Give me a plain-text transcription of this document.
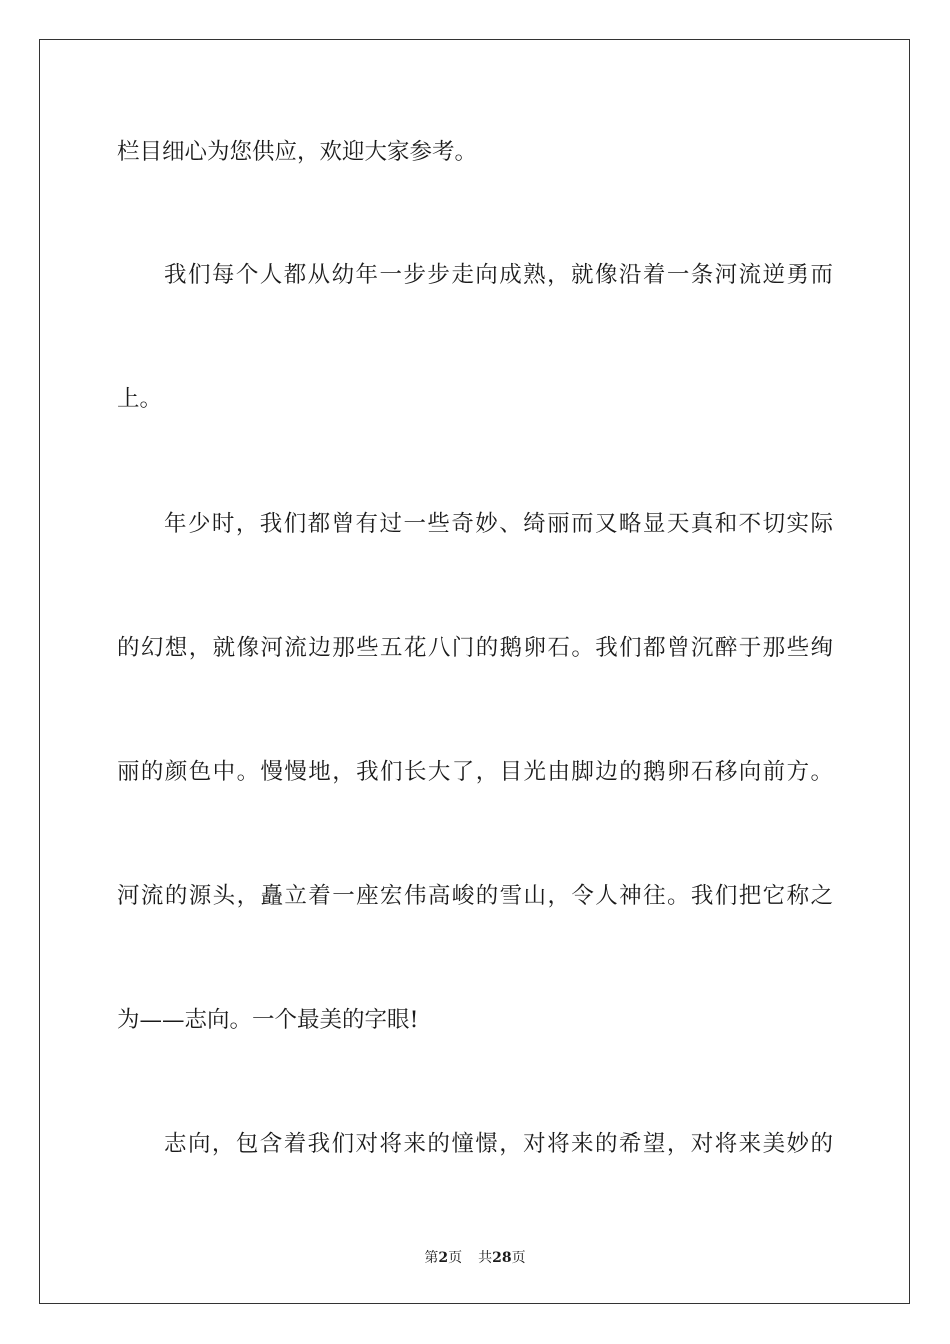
栏目细心为您供应，欢迎大家参考。
我们每个人都从幼年一步步走向成熟，就像沿着一条河流逆勇而
上。
年少时，我们都曾有过一些奇妙、绮丽而又略显天真和不切实际
的幻想，就像河流边那些五花八门的鹅卵石。我们都曾沉醉于那些绚
丽的颜色中。慢慢地，我们长大了，目光由脚边的鹅卵石移向前方。
河流的源头，矗立着一座宏伟高峻的雪山，令人神往。我们把它称之
为——志向。一个最美的字眼!
志向，包含着我们对将来的憧憬，对将来的希望，对将来美妙的
第2页 共28页
